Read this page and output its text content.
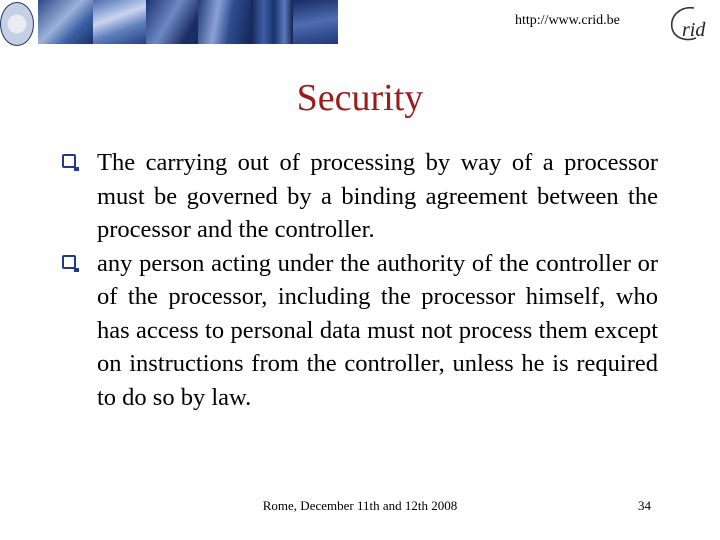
http://www.crid.be	rid
Security
The carrying out of processing by way of a processor must be governed by a binding agreement between the processor and the controller.
any person acting under the authority of the controller or of the processor, including the processor himself, who has access to personal data must not process them except on instructions from the controller, unless he is required to do so by law.
Rome, December 11th and 12th 2008	34
